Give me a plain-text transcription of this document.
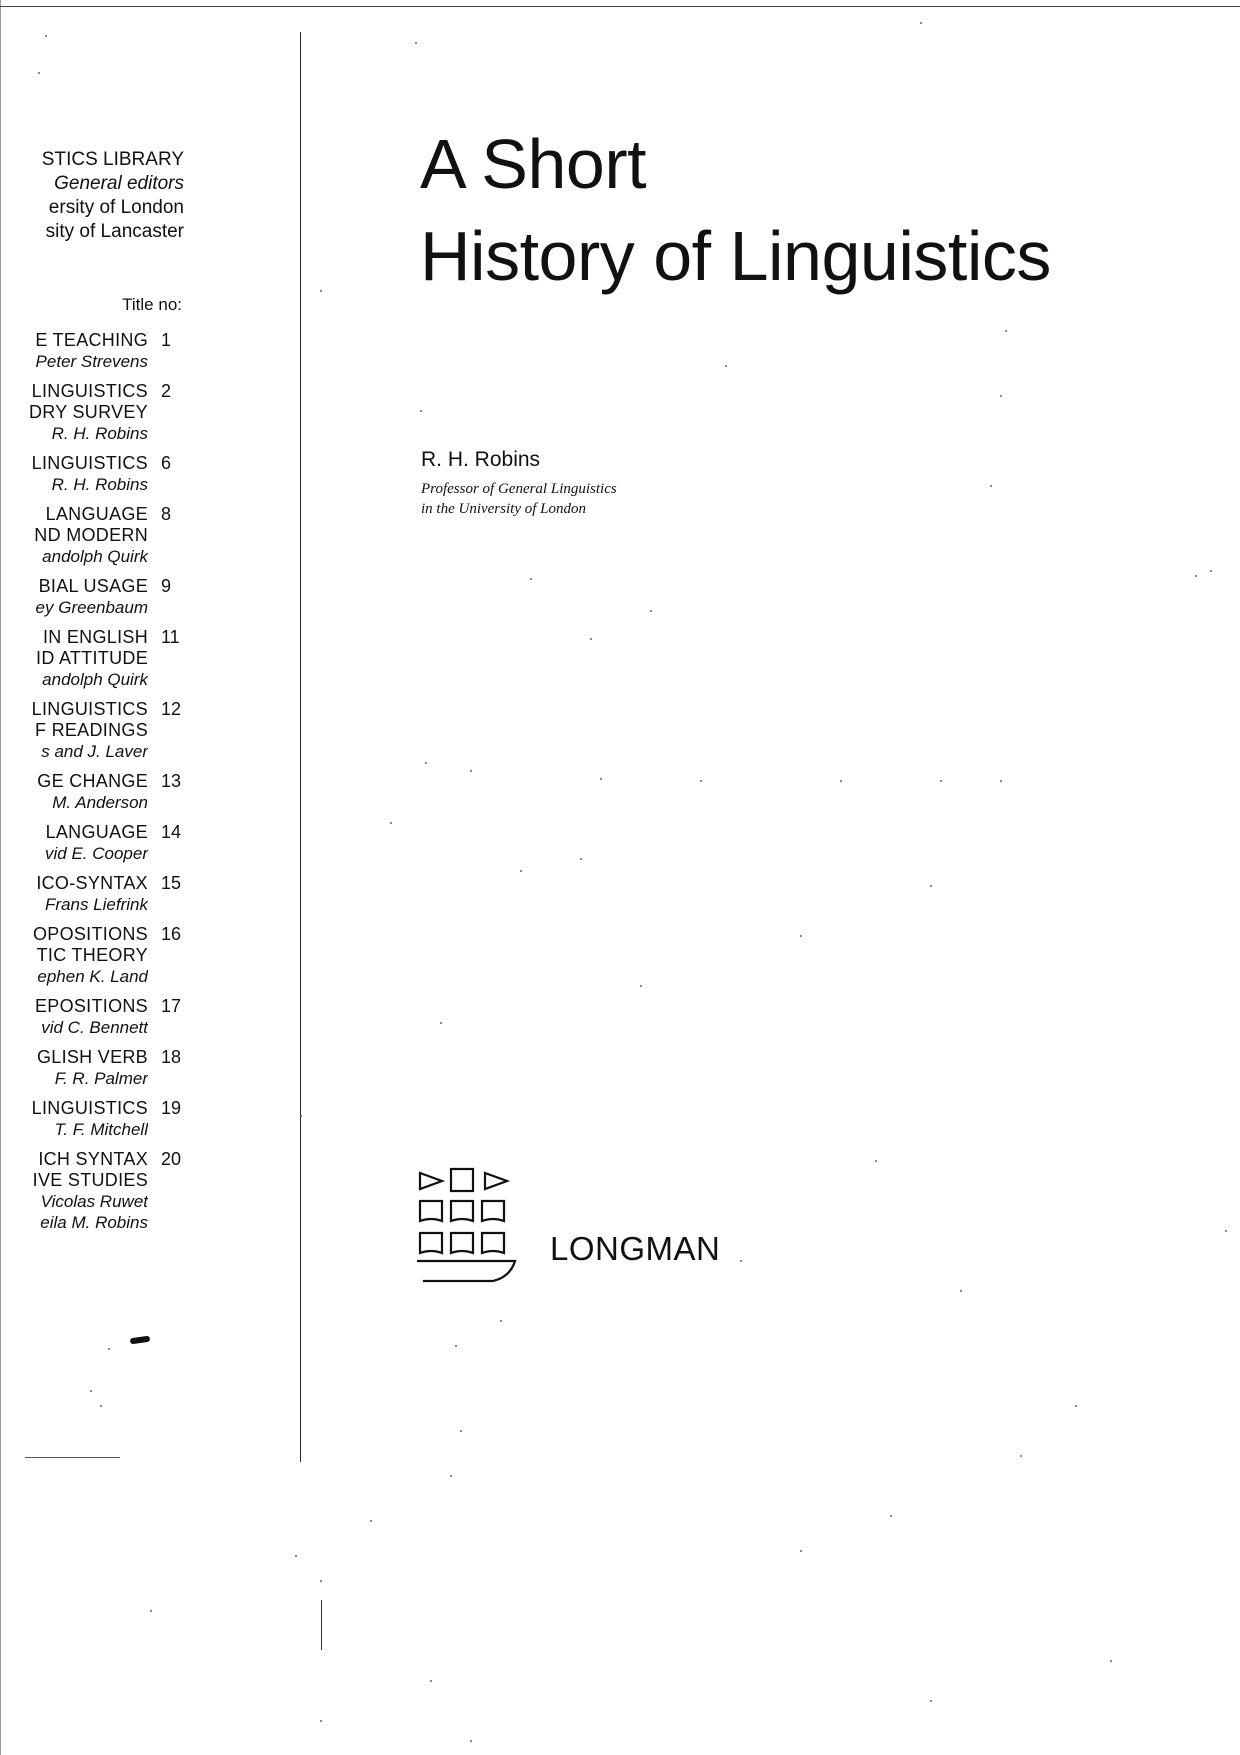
STICS LIBRARY
General editors
ersity of London
sity of Lancaster
Title no:
E TEACHING
Peter Strevens
1
LINGUISTICS
DRY SURVEY
R. H. Robins
2
LINGUISTICS
R. H. Robins
6
LANGUAGE
ND MODERN
andolph Quirk
8
BIAL USAGE
ey Greenbaum
9
IN ENGLISH
ID ATTITUDE
andolph Quirk
11
LINGUISTICS
F READINGS
s and J. Laver
12
GE CHANGE
M. Anderson
13
LANGUAGE
vid E. Cooper
14
ICO-SYNTAX
Frans Liefrink
15
OPOSITIONS
TIC THEORY
ephen K. Land
16
EPOSITIONS
vid C. Bennett
17
GLISH VERB
F. R. Palmer
18
LINGUISTICS
T. F. Mitchell
19
ICH SYNTAX
IVE STUDIES
Vicolas Ruwet
eila M. Robins
20
A Short
History of Linguistics
R. H. Robins
Professor of General Linguistics
in the University of London
LONGMAN
